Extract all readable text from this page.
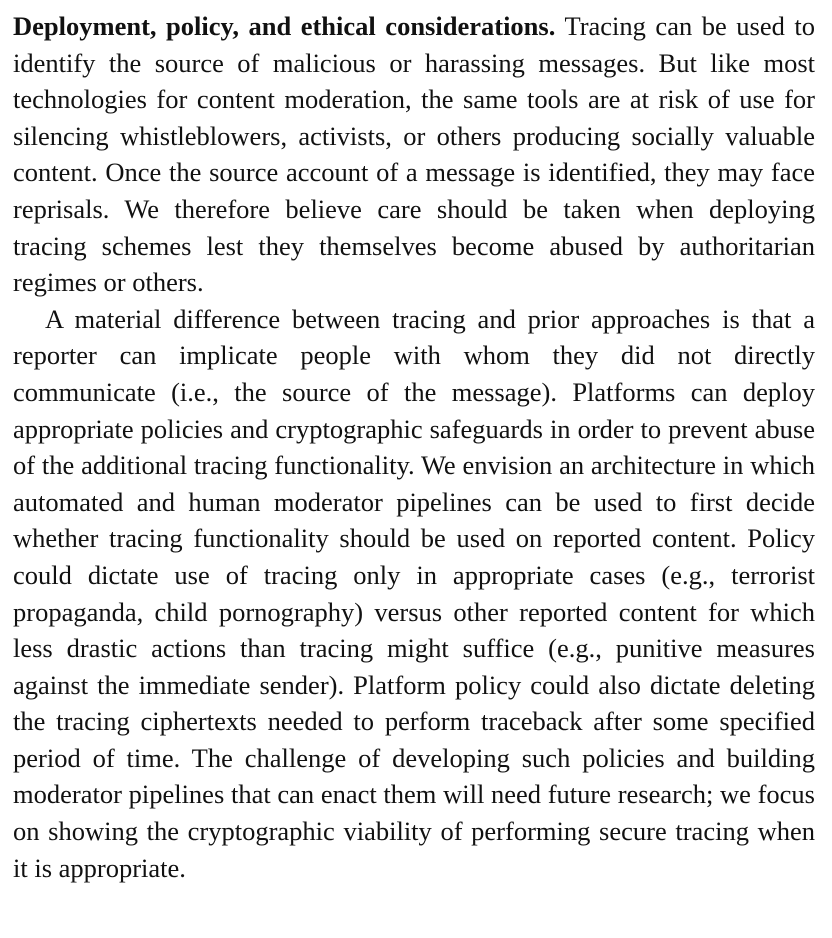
Deployment, policy, and ethical considerations. Tracing can be used to identify the source of malicious or harassing messages. But like most technologies for content moderation, the same tools are at risk of use for silencing whistleblowers, activists, or others producing socially valuable content. Once the source account of a message is identified, they may face reprisals. We therefore believe care should be taken when deploying tracing schemes lest they themselves become abused by authoritarian regimes or others.

A material difference between tracing and prior approaches is that a reporter can implicate people with whom they did not directly communicate (i.e., the source of the message). Platforms can deploy appropriate policies and cryptographic safeguards in order to prevent abuse of the additional tracing functionality. We envision an architecture in which automated and human moderator pipelines can be used to first decide whether tracing functionality should be used on reported content. Policy could dictate use of tracing only in appropriate cases (e.g., terrorist propaganda, child pornography) versus other reported content for which less drastic actions than tracing might suffice (e.g., punitive measures against the immediate sender). Platform policy could also dictate deleting the tracing ciphertexts needed to perform traceback after some specified period of time. The challenge of developing such policies and building moderator pipelines that can enact them will need future research; we focus on showing the cryptographic viability of performing secure tracing when it is appropriate.
